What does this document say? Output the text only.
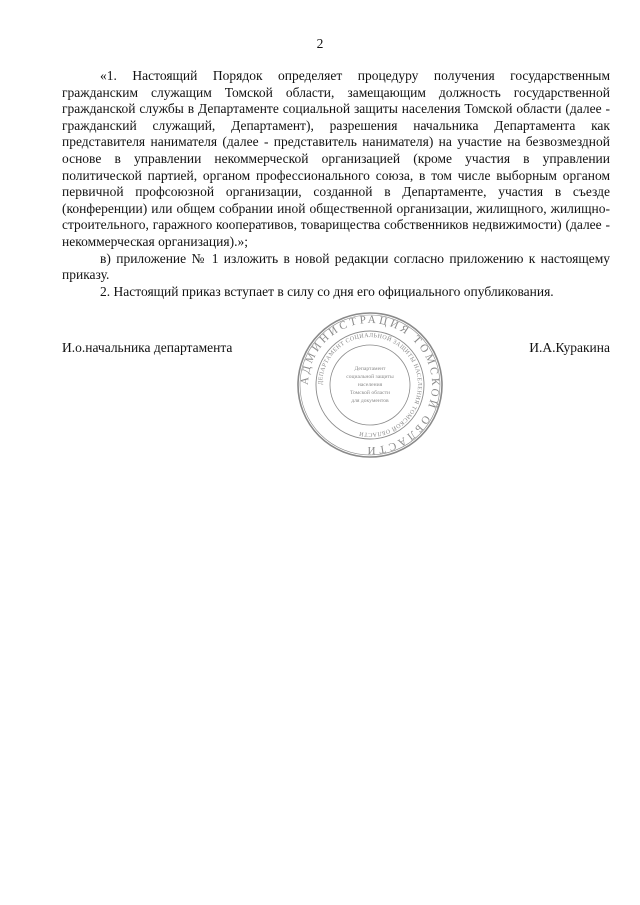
2

«1. Настоящий Порядок определяет процедуру получения государственным гражданским служащим Томской области, замещающим должность государственной гражданской службы в Департаменте социальной защиты населения Томской области (далее - гражданский служащий, Департамент), разрешения начальника Департамента как представителя нанимателя (далее - представитель нанимателя) на участие на безвозмездной основе в управлении некоммерческой организацией (кроме участия в управлении политической партией, органом профессионального союза, в том числе выборным органом первичной профсоюзной организации, созданной в Департаменте, участия в съезде (конференции) или общем собрании иной общественной организации, жилищного, жилищно-строительного, гаражного кооперативов, товарищества собственников недвижимости) (далее - некоммерческая организация).»;

в) приложение № 1 изложить в новой редакции согласно приложению к настоящему приказу.

2. Настоящий приказ вступает в силу со дня его официального опубликования.

И.о.начальника департамента	И.А.Куракина
АДМИНИСТРАЦИЯ ТОМСКОЙ ОБЛАСТИ
ДЕПАРТАМЕНТ СОЦИАЛЬНОЙ ЗАЩИТЫ НАСЕЛЕНИЯ ТОМСКОЙ ОБЛАСТИ
Департамент
социальной защиты
населения
Томской области
для документов
